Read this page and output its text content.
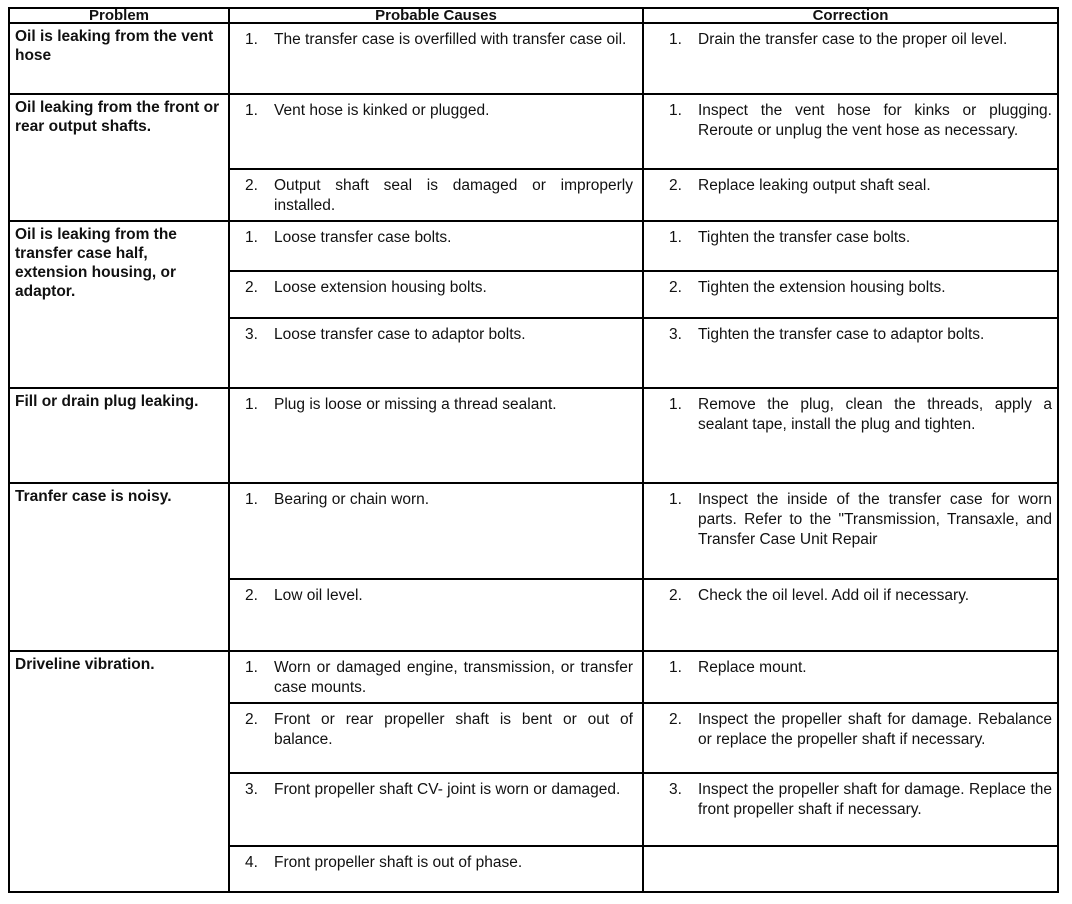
Problem	Probable Causes	Correction
Oil is leaking from the vent hose	1. The transfer case is overfilled with transfer case oil.	1. Drain the transfer case to the proper oil level.

Oil leaking from the front or rear output shafts.	1. Vent hose is kinked or plugged.	1. Inspect the vent hose for kinks or plugging. Reroute or unplug the vent hose as necessary.

	2. Output shaft seal is damaged or improperly installed.	2. Replace leaking output shaft seal.

Oil is leaking from the transfer case half, extension housing, or adaptor.	1. Loose transfer case bolts.	1. Tighten the transfer case bolts.

	2. Loose extension housing bolts.	2. Tighten the extension housing bolts.

	3. Loose transfer case to adaptor bolts.	3. Tighten the transfer case to adaptor bolts.

Fill or drain plug leaking.	1. Plug is loose or missing a thread sealant.	1. Remove the plug, clean the threads, apply a sealant tape, install the plug and tighten.

Tranfer case is noisy.	1. Bearing or chain worn.	1. Inspect the inside of the transfer case for worn parts. Refer to the "Transmission, Transaxle, and Transfer Case Unit Repair

	2. Low oil level.	2. Check the oil level. Add oil if necessary.

Driveline vibration.	1. Worn or damaged engine, transmission, or transfer case mounts.	1. Replace mount.

	2. Front or rear propeller shaft is bent or out of balance.	2. Inspect the propeller shaft for damage. Rebalance or replace the propeller shaft if necessary.

	3. Front propeller shaft CV- joint is worn or damaged.	3. Inspect the propeller shaft for damage. Replace the front propeller shaft if necessary.

	4. Front propeller shaft is out of phase.	
